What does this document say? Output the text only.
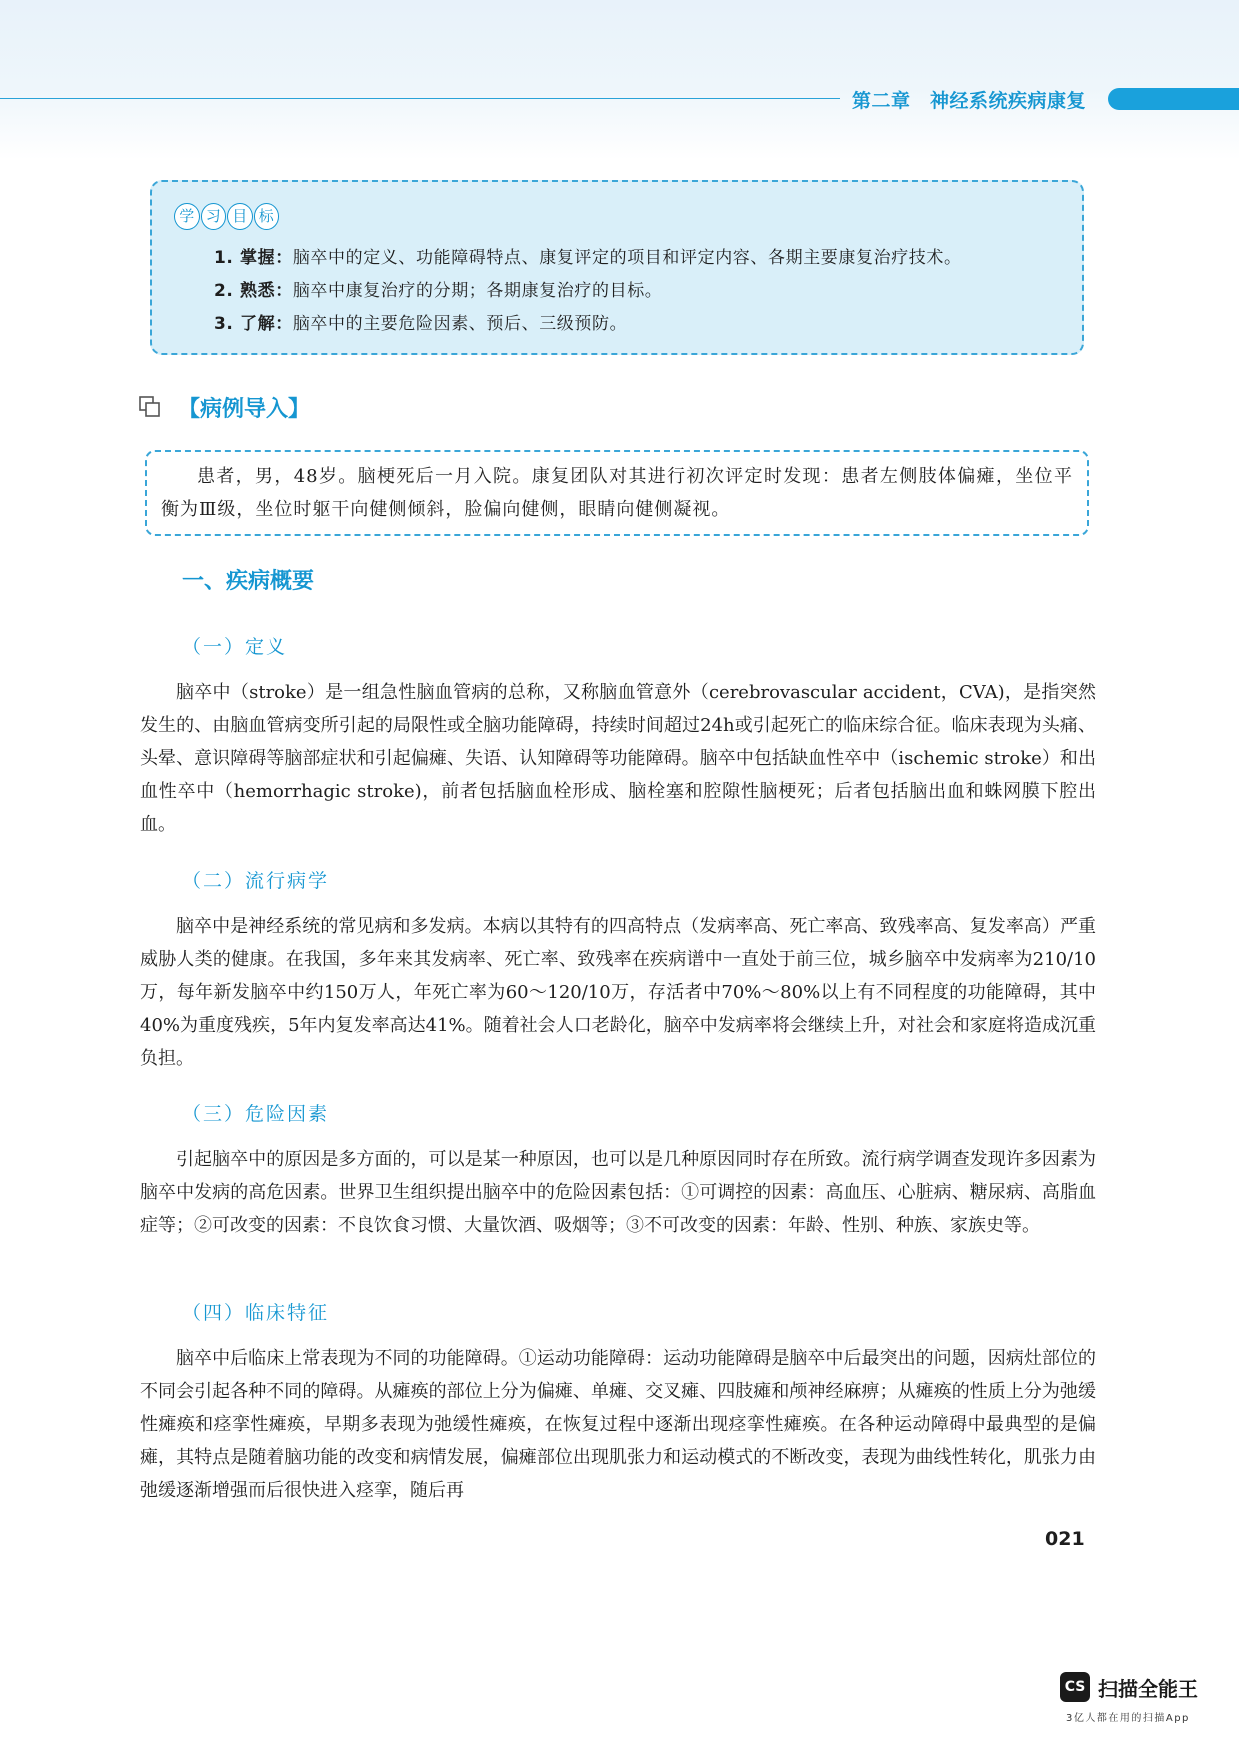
第二章　神经系统疾病康复
学 习 目 标
1. 掌握：脑卒中的定义、功能障碍特点、康复评定的项目和评定内容、各期主要康复治疗技术。
2. 熟悉：脑卒中康复治疗的分期；各期康复治疗的目标。
3. 了解：脑卒中的主要危险因素、预后、三级预防。
【病例导入】

患者，男，48岁。脑梗死后一月入院。康复团队对其进行初次评定时发现：患者左侧肢体偏瘫，坐位平衡为Ⅲ级，坐位时躯干向健侧倾斜，脸偏向健侧，眼睛向健侧凝视。

一、疾病概要
（一）定义

脑卒中（stroke）是一组急性脑血管病的总称，又称脑血管意外（cerebrovascular accident，CVA)，是指突然发生的、由脑血管病变所引起的局限性或全脑功能障碍，持续时间超过24h或引起死亡的临床综合征。临床表现为头痛、头晕、意识障碍等脑部症状和引起偏瘫、失语、认知障碍等功能障碍。脑卒中包括缺血性卒中（ischemic stroke）和出血性卒中（hemorrhagic stroke)，前者包括脑血栓形成、脑栓塞和腔隙性脑梗死；后者包括脑出血和蛛网膜下腔出血。

（二）流行病学

脑卒中是神经系统的常见病和多发病。本病以其特有的四高特点（发病率高、死亡率高、致残率高、复发率高）严重威胁人类的健康。在我国，多年来其发病率、死亡率、致残率在疾病谱中一直处于前三位，城乡脑卒中发病率为210/10万，每年新发脑卒中约150万人，年死亡率为60～120/10万，存活者中70%～80%以上有不同程度的功能障碍，其中40%为重度残疾，5年内复发率高达41%。随着社会人口老龄化，脑卒中发病率将会继续上升，对社会和家庭将造成沉重负担。

（三）危险因素

引起脑卒中的原因是多方面的，可以是某一种原因，也可以是几种原因同时存在所致。流行病学调查发现许多因素为脑卒中发病的高危因素。世界卫生组织提出脑卒中的危险因素包括：①可调控的因素：高血压、心脏病、糖尿病、高脂血症等；②可改变的因素：不良饮食习惯、大量饮酒、吸烟等；③不可改变的因素：年龄、性别、种族、家族史等。

（四）临床特征

脑卒中后临床上常表现为不同的功能障碍。①运动功能障碍：运动功能障碍是脑卒中后最突出的问题，因病灶部位的不同会引起各种不同的障碍。从瘫痪的部位上分为偏瘫、单瘫、交叉瘫、四肢瘫和颅神经麻痹；从瘫痪的性质上分为弛缓性瘫痪和痉挛性瘫痪，早期多表现为弛缓性瘫痪，在恢复过程中逐渐出现痉挛性瘫痪。在各种运动障碍中最典型的是偏瘫，其特点是随着脑功能的改变和病情发展，偏瘫部位出现肌张力和运动模式的不断改变，表现为曲线性转化，肌张力由弛缓逐渐增强而后很快进入痉挛，随后再

021
CS 扫描全能王
3亿人都在用的扫描App
